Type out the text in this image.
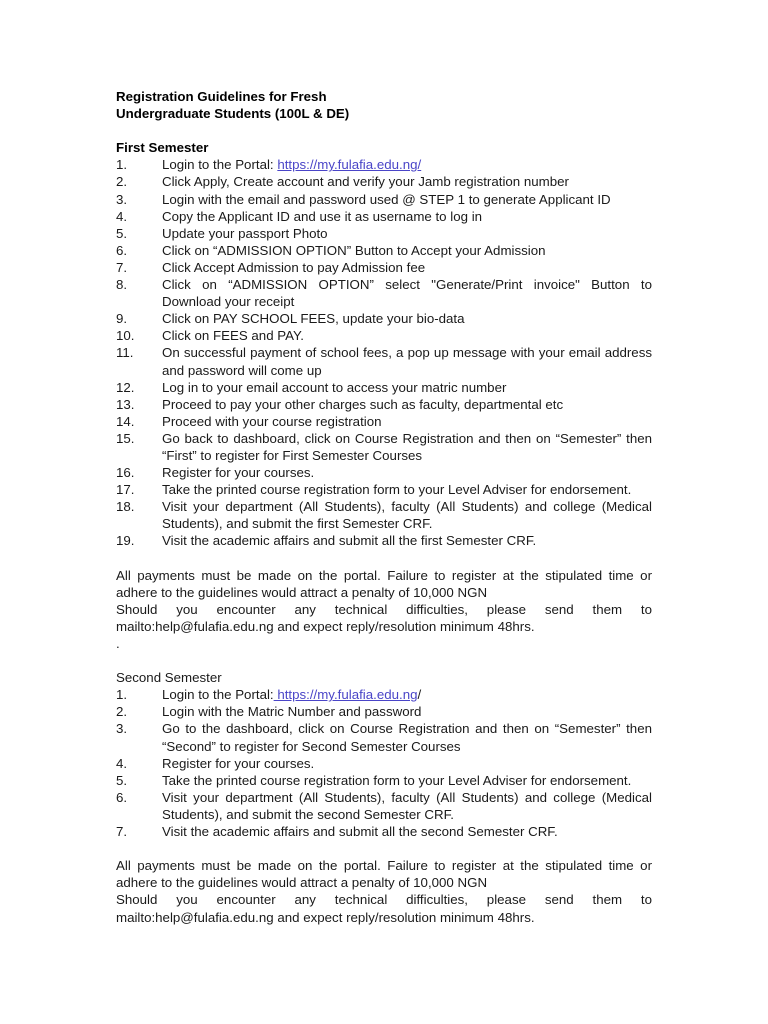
Registration Guidelines for Fresh
Undergraduate Students (100L & DE)
First Semester
1.	Login to the Portal: https://my.fulafia.edu.ng/
2.	Click Apply, Create account and verify your Jamb registration number
3.	Login with the email and password used @ STEP 1 to generate Applicant ID
4.	Copy the Applicant ID and use it as username to log in
5.	Update your passport Photo
6.	Click on “ADMISSION OPTION” Button to Accept your Admission
7.	Click Accept Admission to pay Admission fee
8.	Click on “ADMISSION OPTION” select "Generate/Print invoice" Button to Download your receipt
9.	Click on PAY SCHOOL FEES, update your bio-data
10.	Click on FEES and PAY.
11.	On successful payment of school fees, a pop up message with your email address and password will come up
12.	Log in to your email account to access your matric number
13.	Proceed to pay your other charges such as faculty, departmental etc
14.	Proceed with your course registration
15.	Go back to dashboard, click on Course Registration and then on “Semester” then “First” to register for First Semester Courses
16.	Register for your courses.
17.	Take the printed course registration form to your Level Adviser for endorsement.
18.	Visit your department (All Students), faculty (All Students) and college (Medical Students), and submit the first Semester CRF.
19.	Visit the academic affairs and submit all the first Semester CRF.

All payments must be made on the portal. Failure to register at the stipulated time or adhere to the guidelines would attract a penalty of 10,000 NGN

Should you encounter any technical difficulties, please send them to mailto:help@fulafia.edu.ng and expect reply/resolution minimum 48hrs.

.

Second Semester
1.	Login to the Portal: https://my.fulafia.edu.ng/
2.	Login with the Matric Number and password
3.	Go to the dashboard, click on Course Registration and then on “Semester” then “Second” to register for Second Semester Courses
4.	Register for your courses.
5.	Take the printed course registration form to your Level Adviser for endorsement.
6.	Visit your department (All Students), faculty (All Students) and college (Medical Students), and submit the second Semester CRF.
7.	Visit the academic affairs and submit all the second Semester CRF.

All payments must be made on the portal. Failure to register at the stipulated time or adhere to the guidelines would attract a penalty of 10,000 NGN

Should you encounter any technical difficulties, please send them to mailto:help@fulafia.edu.ng and expect reply/resolution minimum 48hrs.
